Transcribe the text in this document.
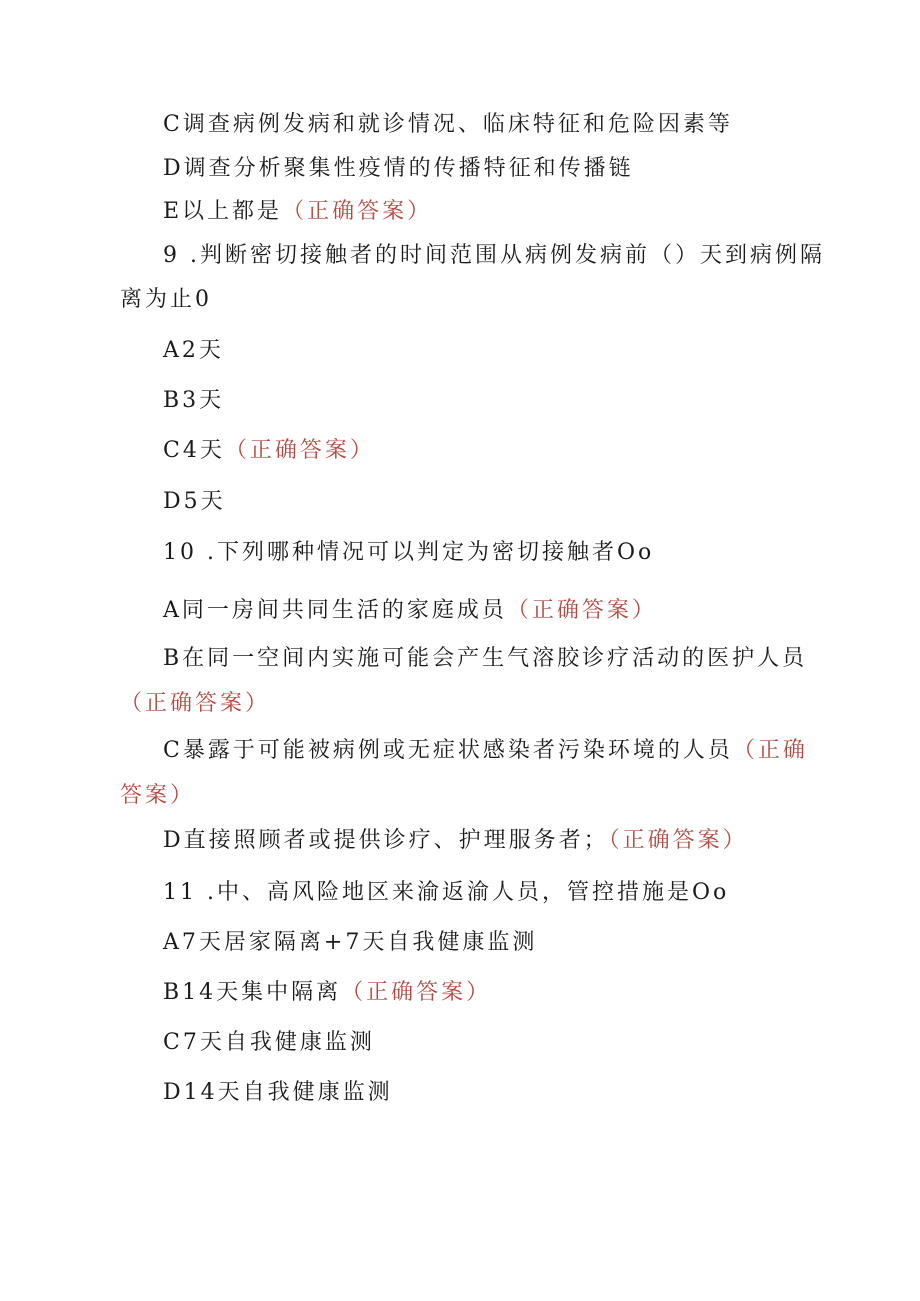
C调查病例发病和就诊情况、临床特征和危险因素等
D调查分析聚集性疫情的传播特征和传播链
E以上都是（正确答案）
9 .判断密切接触者的时间范围从病例发病前（）天到病例隔
离为止0
A2天
B3天
C4天（正确答案）
D5天
10 .下列哪种情况可以判定为密切接触者Oo
A同一房间共同生活的家庭成员（正确答案）
B在同一空间内实施可能会产生气溶胶诊疗活动的医护人员
（正确答案）
C暴露于可能被病例或无症状感染者污染环境的人员（正确
答案）
D直接照顾者或提供诊疗、护理服务者；（正确答案）
11 .中、高风险地区来渝返渝人员，管控措施是Oo
A7天居家隔离+7天自我健康监测
B14天集中隔离（正确答案）
C7天自我健康监测
D14天自我健康监测
